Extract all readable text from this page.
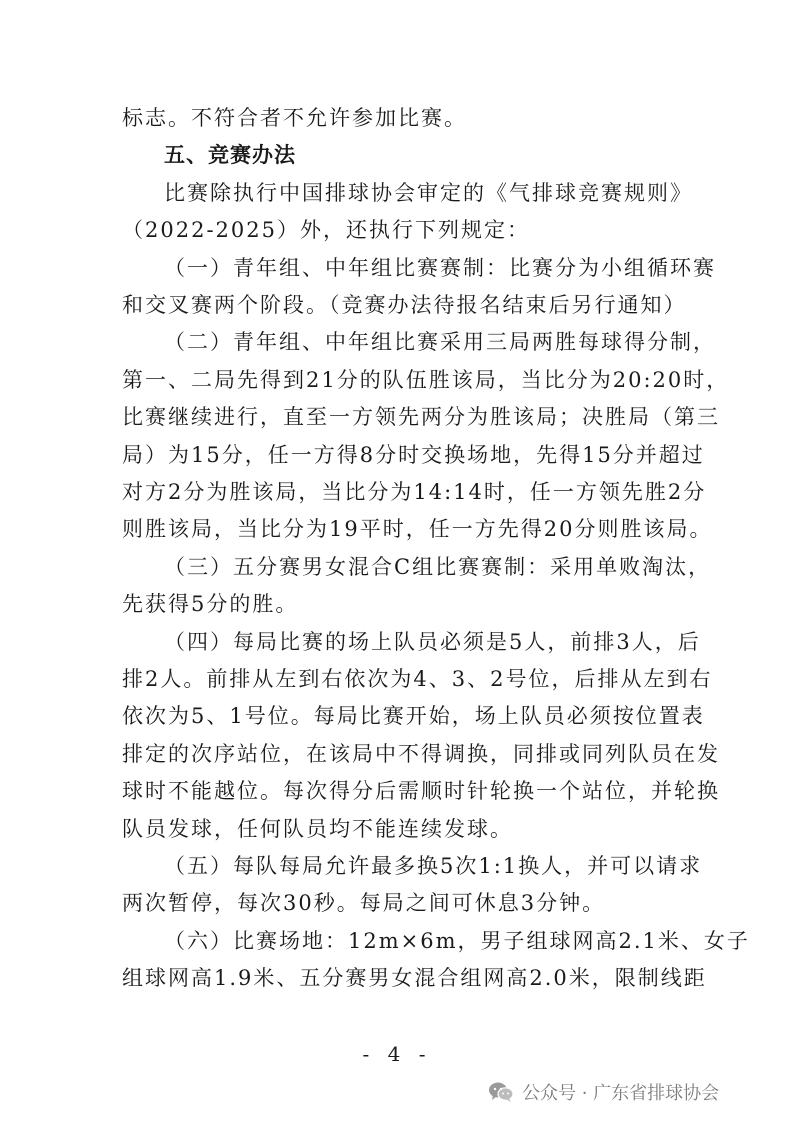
标志。不符合者不允许参加比赛。
五、竞赛办法
比赛除执行中国排球协会审定的《气排球竞赛规则》
（2022-2025）外，还执行下列规定：
（一）青年组、中年组比赛赛制：比赛分为小组循环赛
和交叉赛两个阶段。（竞赛办法待报名结束后另行通知）
（二）青年组、中年组比赛采用三局两胜每球得分制，
第一、二局先得到21分的队伍胜该局，当比分为20:20时，
比赛继续进行，直至一方领先两分为胜该局；决胜局（第三
局）为15分，任一方得8分时交换场地，先得15分并超过
对方2分为胜该局，当比分为14:14时，任一方领先胜2分
则胜该局，当比分为19平时，任一方先得20分则胜该局。
（三）五分赛男女混合C组比赛赛制：采用单败淘汰，
先获得5分的胜。
（四）每局比赛的场上队员必须是5人，前排3人，后
排2人。前排从左到右依次为4、3、2号位，后排从左到右
依次为5、1号位。每局比赛开始，场上队员必须按位置表
排定的次序站位，在该局中不得调换，同排或同列队员在发
球时不能越位。每次得分后需顺时针轮换一个站位，并轮换
队员发球，任何队员均不能连续发球。
（五）每队每局允许最多换5次1:1换人，并可以请求
两次暂停，每次30秒。每局之间可休息3分钟。
（六）比赛场地：12m×6m，男子组球网高2.1米、女子
组球网高1.9米、五分赛男女混合组网高2.0米，限制线距
- 4 -
公众号 · 广东省排球协会
